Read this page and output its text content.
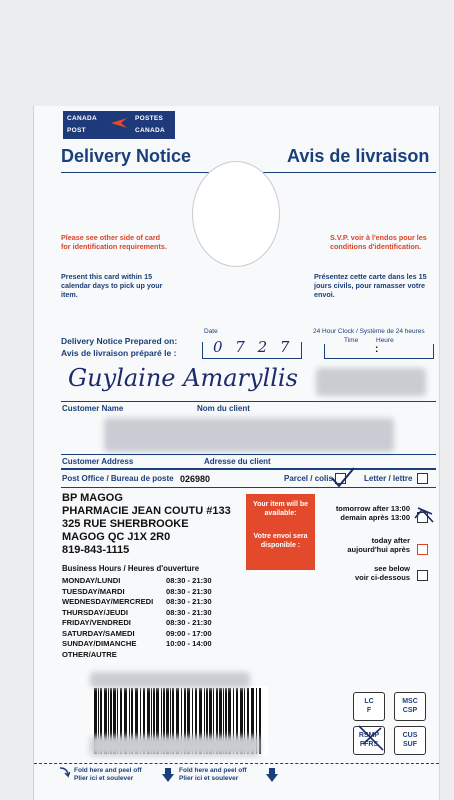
CANADA
POST
POSTES
CANADA
Delivery Notice	Avis de livraison
Please see other side of card for identification requirements.
Present this card within 15 calendar days to pick up your item.
S.V.P. voir à l'endos pour les conditions d'identification.
Présentez cette carte dans les 15 jours civils, pour ramasser votre envoi.
Delivery Notice Prepared on:
Avis de livraison préparé le :
Date
0 7 2 7
24 Hour Clock / Système de 24 heures
Time	Heure
:
Guylaine Amaryllis
Customer Name	Nom du client
Customer Address	Adresse du client
Post Office / Bureau de poste 026980	Parcel / colis	Letter / lettre
BP MAGOG
PHARMACIE JEAN COUTU #133
325 RUE SHERBROOKE
MAGOG QC J1X 2R0
819-843-1115
Business Hours / Heures d'ouverture
MONDAY/LUNDI	08:30 - 21:30
TUESDAY/MARDI	08:30 - 21:30
WEDNESDAY/MERCREDI 08:30 - 21:30
THURSDAY/JEUDI	08:30 - 21:30
FRIDAY/VENDREDI	08:30 - 21:30
SATURDAY/SAMEDI	09:00 - 17:00
SUNDAY/DIMANCHE	10:00 - 14:00
OTHER/AUTRE
Your item will be available:
Votre envoi sera disponible :
tomorrow after 13:00
demain après 13:00
today after
aujourd'hui après
see below
voir ci-dessous
LC
F
MSC
CSP
RSMP
FFRS
CUS
SUF
Fold here and peel off
Plier ici et soulever
Fold here and peel off
Plier ici et soulever
